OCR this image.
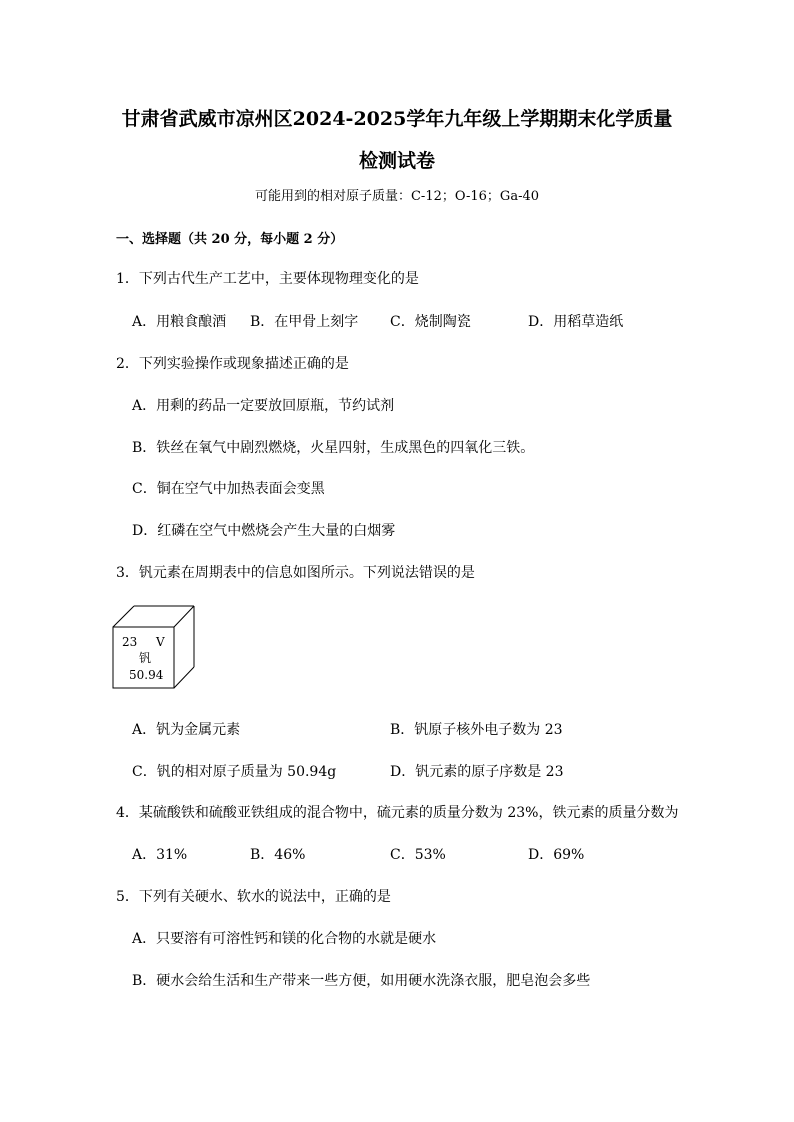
甘肃省武威市凉州区2024-2025学年九年级上学期期末化学质量
检测试卷
可能用到的相对原子质量：C-12；O-16；Ga-40
一、选择题（共 20 分，每小题 2 分）
1．下列古代生产工艺中，主要体现物理变化的是
A．用粮食酿酒 B．在甲骨上刻字 C．烧制陶瓷	D．用稻草造纸
2．下列实验操作或现象描述正确的是
A．用剩的药品一定要放回原瓶，节约试剂
B．铁丝在氧气中剧烈燃烧，火星四射，生成黑色的四氧化三铁。
C．铜在空气中加热表面会变黑
D．红磷在空气中燃烧会产生大量的白烟雾
3．钒元素在周期表中的信息如图所示。下列说法错误的是
23 V
钒
50.94
A．钒为金属元素	B．钒原子核外电子数为 23
C．钒的相对原子质量为 50.94g	D．钒元素的原子序数是 23
4．某硫酸铁和硫酸亚铁组成的混合物中，硫元素的质量分数为 23%，铁元素的质量分数为
A．31%	B．46%	C．53%	D．69%
5．下列有关硬水、软水的说法中，正确的是
A．只要溶有可溶性钙和镁的化合物的水就是硬水
B．硬水会给生活和生产带来一些方便，如用硬水洗涤衣服，肥皂泡会多些
